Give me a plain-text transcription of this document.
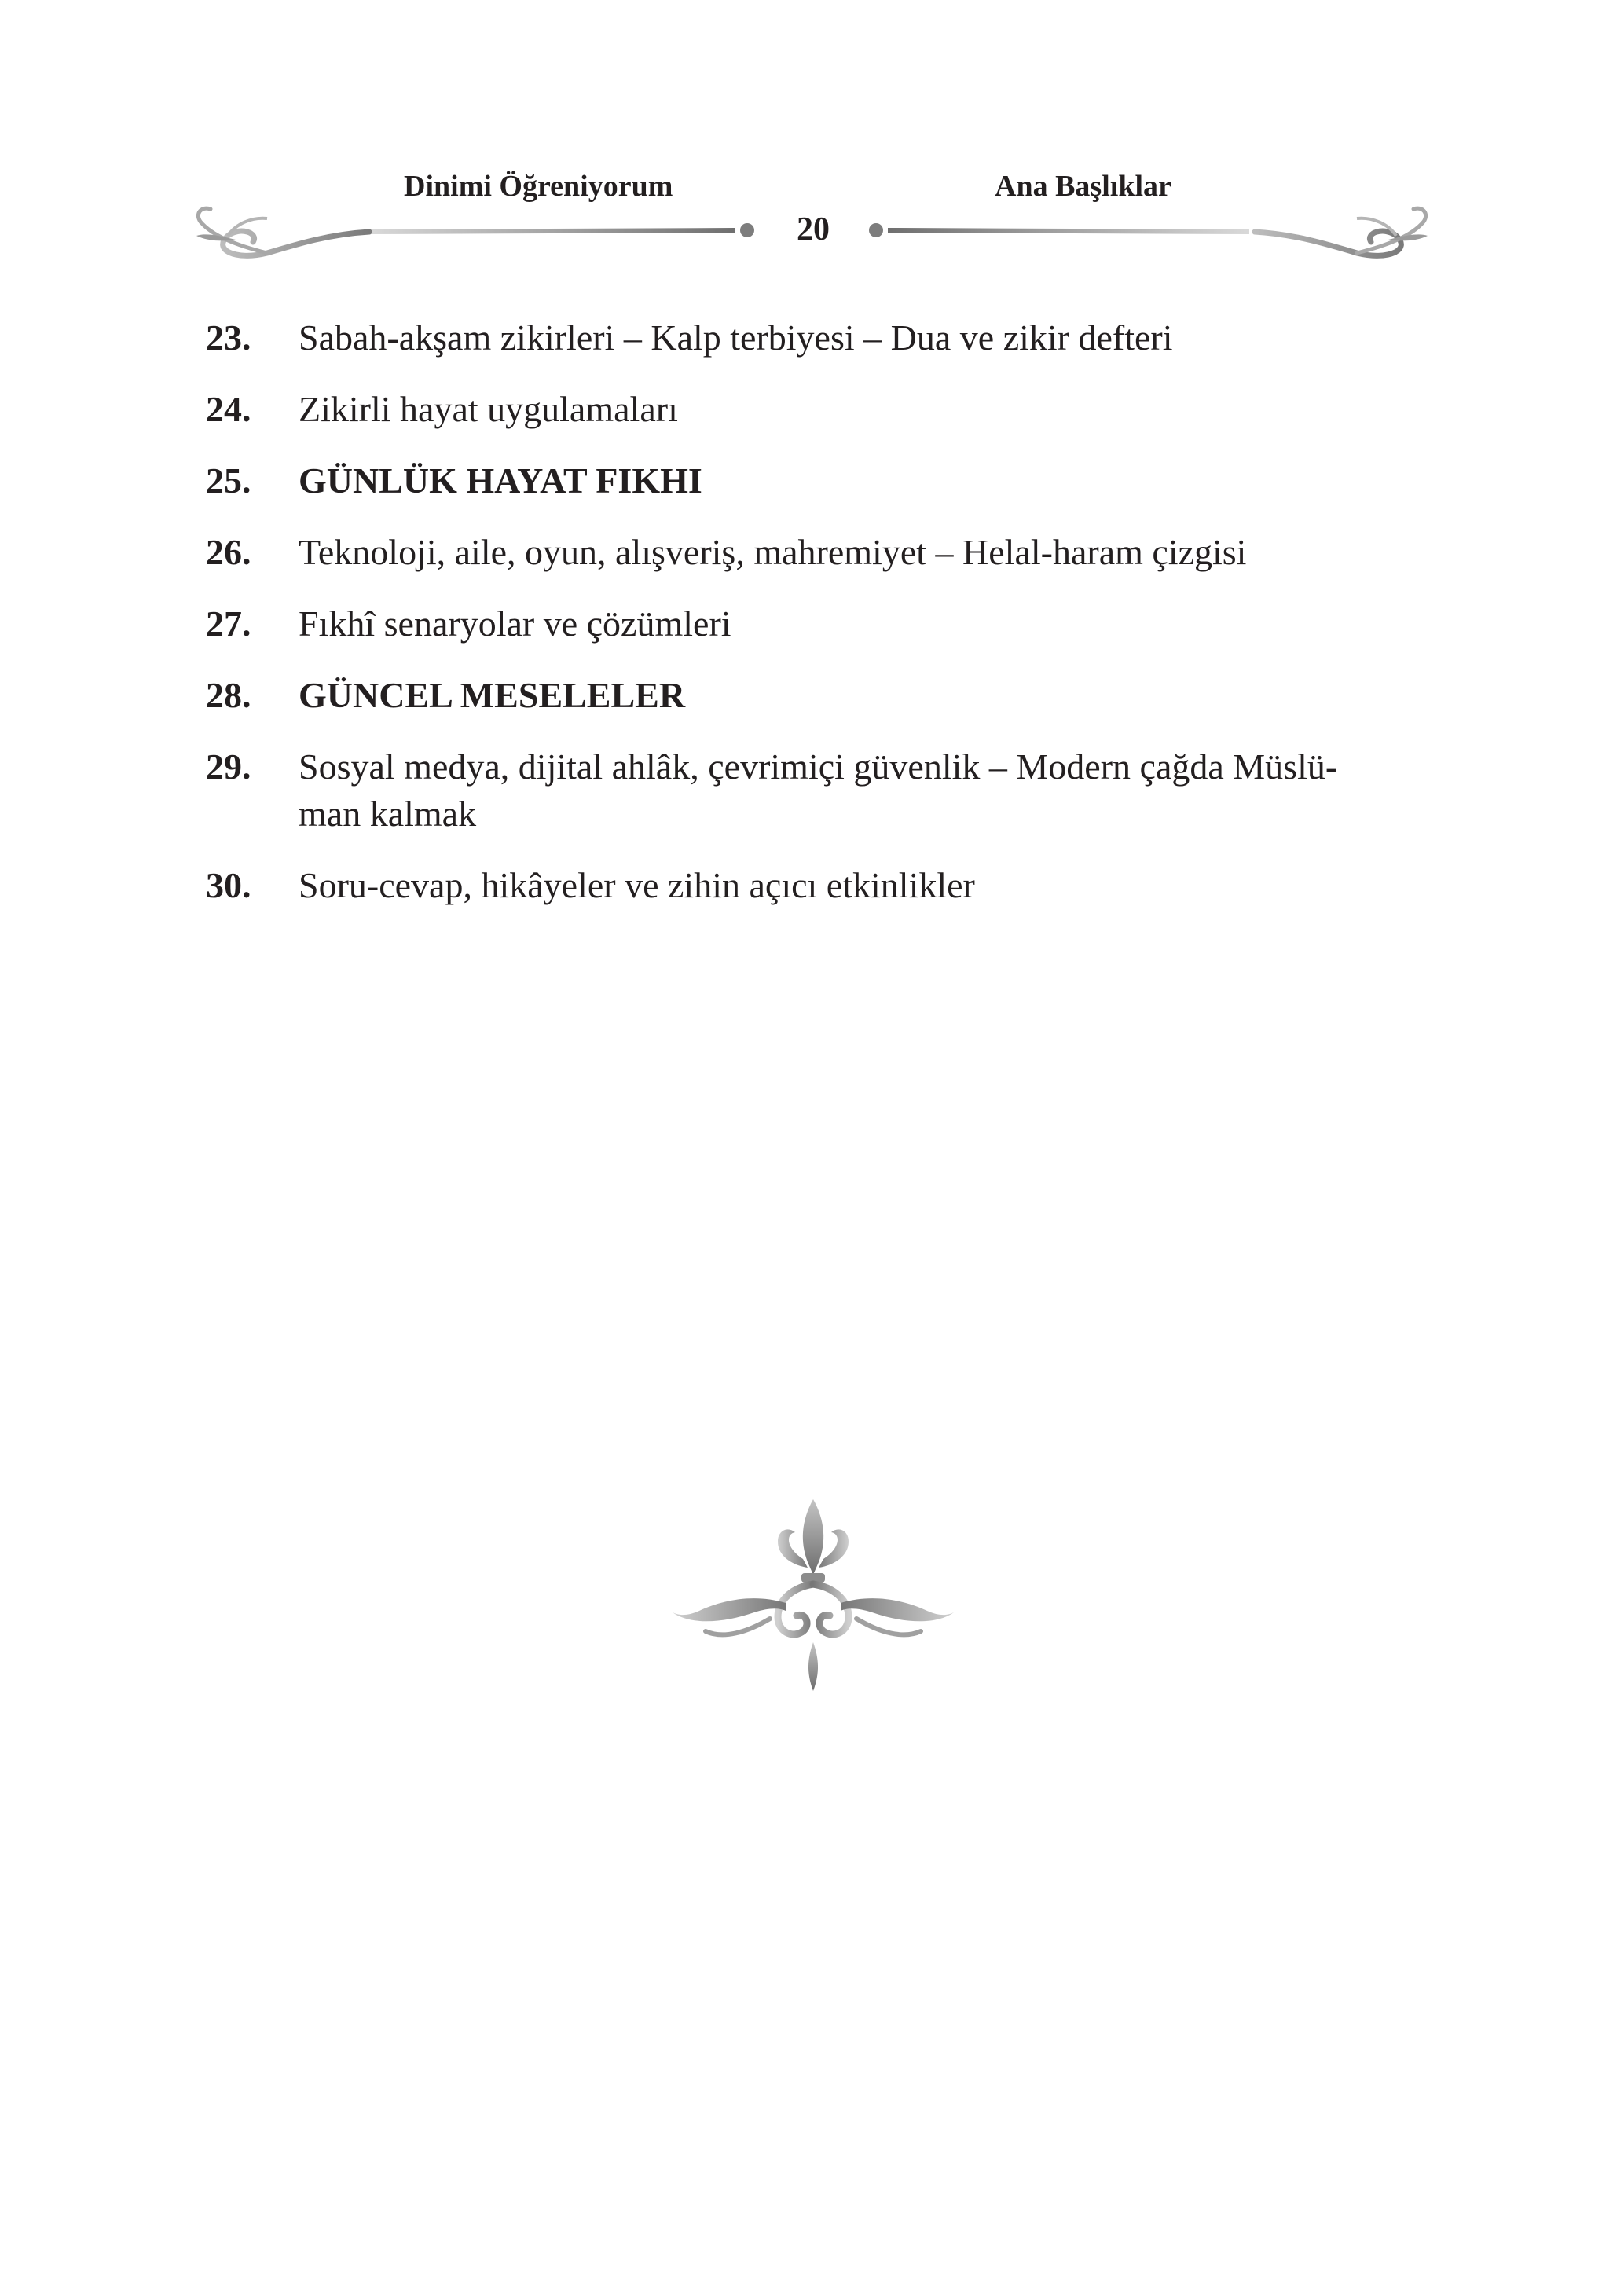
Dinimi Öğreniyorum	Ana Başlıklar
20
23. Sabah-akşam zikirleri – Kalp terbiyesi – Dua ve zikir defteri
24. Zikirli hayat uygulamaları
25. GÜNLÜK HAYAT FIKHI
26. Teknoloji, aile, oyun, alışveriş, mahremiyet – Helal-haram çizgisi
27. Fıkhî senaryolar ve çözümleri
28. GÜNCEL MESELELER
29. Sosyal medya, dijital ahlâk, çevrimiçi güvenlik – Modern çağda Müslü-
man kalmak
30. Soru-cevap, hikâyeler ve zihin açıcı etkinlikler
